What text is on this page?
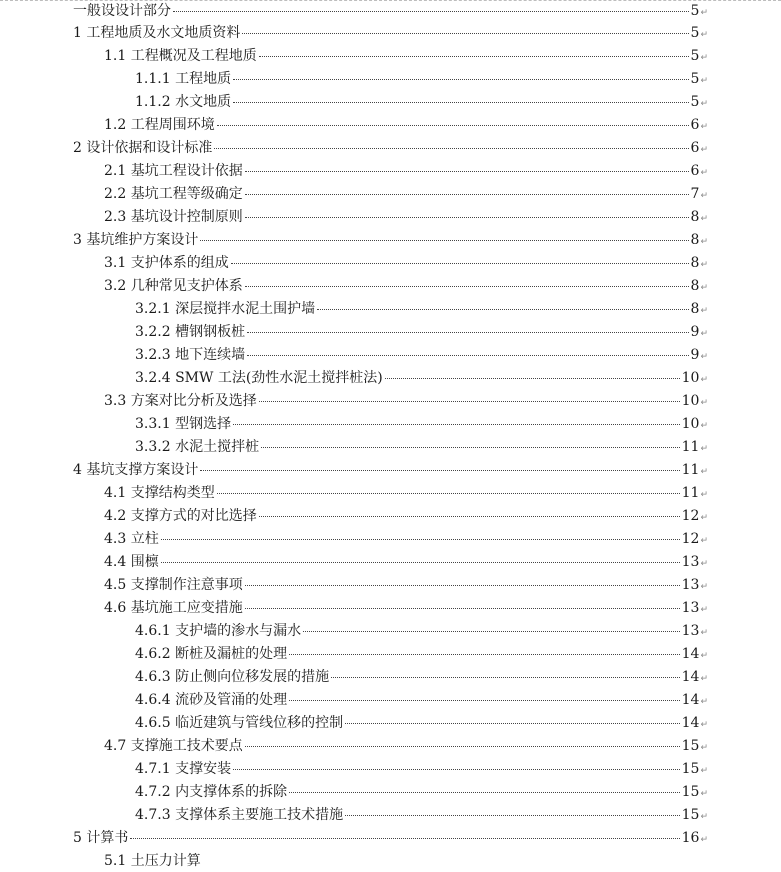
一般设设计部分	5 ↵
1 工程地质及水文地质资料	5 ↵
1.1 工程概况及工程地质	5 ↵
1.1.1 工程地质	5 ↵
1.1.2 水文地质	5 ↵
1.2 工程周围环境	6 ↵
2 设计依据和设计标准	6 ↵
2.1 基坑工程设计依据	6 ↵
2.2 基坑工程等级确定	7 ↵
2.3 基坑设计控制原则	8 ↵
3 基坑维护方案设计	8 ↵
3.1 支护体系的组成	8 ↵
3.2 几种常见支护体系	8 ↵
3.2.1 深层搅拌水泥土围护墙	8 ↵
3.2.2 槽钢钢板桩	9 ↵
3.2.3 地下连续墙	9 ↵
3.2.4 SMW 工法(劲性水泥土搅拌桩法)	10 ↵
3.3 方案对比分析及选择	10 ↵
3.3.1 型钢选择	10 ↵
3.3.2 水泥土搅拌桩	11 ↵
4 基坑支撑方案设计	11 ↵
4.1 支撑结构类型	11 ↵
4.2 支撑方式的对比选择	12 ↵
4.3 立柱	12 ↵
4.4 围檩	13 ↵
4.5 支撑制作注意事项	13 ↵
4.6 基坑施工应变措施	13 ↵
4.6.1 支护墙的渗水与漏水	13 ↵
4.6.2 断桩及漏桩的处理	14 ↵
4.6.3 防止侧向位移发展的措施	14 ↵
4.6.4 流砂及管涌的处理	14 ↵
4.6.5 临近建筑与管线位移的控制	14 ↵
4.7 支撑施工技术要点	15 ↵
4.7.1 支撑安装	15 ↵
4.7.2 内支撑体系的拆除	15 ↵
4.7.3 支撑体系主要施工技术措施	15 ↵
5 计算书	16 ↵
5.1 土压力计算
